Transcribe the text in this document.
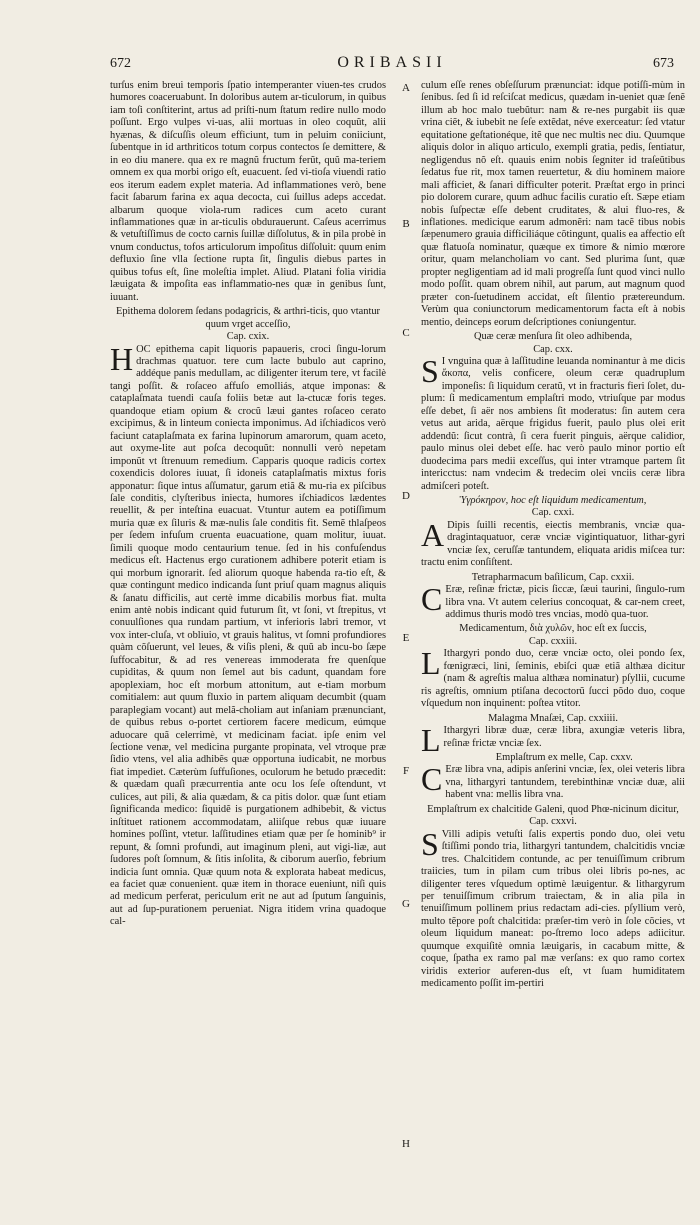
672	ORIBASII	673

turſus enim breui temporis ſpatio intemperanter viuen-tes crudos humores coaceruabunt. In doloribus autem ar-ticulorum, in quibus iam toſi conſtiterint, artus ad priſti-num ſtatum redire nullo modo poſſunt. Ergo vulpes vi-uas, alii mortuas in oleo coquũt, alii hyænas, & diſcuſſis oleum efficiunt, tum in peluim coniiciunt, ſubentque in id arthriticos totum corpus contectos ſe demittere, & in eo diu manere. qua ex re magnũ fructum ferũt, quũ ma-teriem omnem ex qua morbi origo eſt, euacuent. ſed vi-tioſa viuendi ratio eos iterum eadem explet materia. Ad inflammationes verò, bene facit ſabarum farina ex aqua decocta, cui ſuillus adeps accedat. albarum quoque viola-rum radices cum aceto curant inflammationes quæ in ar-ticulis obdurauerunt. Caſeus acerrimus & vetuſtiſſimus de cocto carnis ſuillæ diſſolutus, & in pila probè in vnum conductus, tofos articulorum impoſitus diſſoluit: quum enim defluxio ſine vlla ſectione rupta ſit, ſingulis diebus partes in quibus tofus eſt, ſine moleſtia implet. Aliud. Platani folia viridia læuigata & impoſita eas inflammatio-nes quæ in genibus ſunt, iuuant.

Epithema dolorem ſedans podagricis, & arthri-ticis, quo vtantur quum vrget acceſſio,

Cap. cxix.

HOC epithema capit liquoris papaueris, croci ſingu-lorum drachmas quatuor. tere cum lacte bubulo aut caprino, addéque panis medullam, ac diligenter iterum tere, vt facilè tangi poſſit. & roſaceo affuſo emolliás, atque imponas: & cataplaſmata tuendi cauſa foliis betæ aut la-ctucæ foris teges. quandoque etiam opium & crocũ læui gantes roſaceo cerato excipimus, & in linteum coniecta imponimus. Ad iſchiadicos verò faciunt cataplaſmata ex farina lupinorum amarorum, quam aceto, aut oxyme-lite aut poſca decoquũt: nonnulli verò nepetam imponũt vt ſtrenuum remedium. Capparis quoque radicis cortex coxendicis dolores iuuat, ſi idoneis cataplaſmatis mixtus foris apponatur: ſique intus aſſumatur, garum etiã & mu-ria ex piſcibus ſale conditis, clyſteribus iniecta, humores iſchiadicos lædentes reuellit, & per inteſtina euacuat. Vtuntur autem ea potiſſimum muria quæ ex ſiluris & mæ-nulis ſale conditis fit. Semẽ thlaſpeos per ſedem infuſum cruenta euacuatione, quam molitur, iuuat. ſimili quoque modo centaurium tenue. ſed in his confuſendus medicus eſt. Hactenus ergo curationem adhibere poterit etiam is qui morbum ignorarit. ſed aliorum quoque habenda ra-tio eſt, & quæ contingunt medico indicanda ſunt priuſ quam magnus aliquis & ſanatu difficilis, aut certè imme dicabilis morbus fiat. multa enim antè nobis indicant quid futurum ſit, vt ſoni, vt ſtrepitus, vt conuulſiones qua rundam partium, vt inferioris labri tremor, vt vox inter-cluſa, vt obliuio, vt grauis halitus, vt ſomni profundiores quàm cõſuerunt, vel leues, & viſis pleni, & quũ ab incu-bo ſæpe ſuffocabitur, & ad res venereas immoderata fre quenſque cupiditas, & quum non ſemel aut bis cadunt, quandam fore apoplexiam, hoc eſt morbum attonitum, aut e-tiam morbum comitialem: aut quum fluxio in partem aliquam decumbit (quam paraplegiam vocant) aut melã-choliam aut inſaniam prænunciant, de quibus rebus o-portet certiorem facere medicum, eúmque aduocare quã celerrimè, vt medicinam faciat. ipſe enim vel ſectione venæ, vel medicina purgante propinata, vel vtroque præ ſidio vtens, vel alia adhibẽs quæ opportuna iudicabit, ne morbus fiat impediet. Cæterùm ſuffuſiones, oculorum he betudo præcedit: & quædam quaſi præcurrentia ante ocu los ſeſe oſtendunt, vt culices, aut pili, & alia quædam, & ca pitis dolor. quæ ſunt etiam ſignificanda medico: ſiquidẽ is purgationem adhibebit, & victus inſtituet rationem accommodatam, aliiſque rebus quæ iuuare homines poſſint, vtetur. laſſitudines etiam quæ per ſe hominib⁹ ir repunt, & ſomni profundi, aut imaginum pleni, aut vigi-liæ, aut ſudores poſt ſomnum, & ſitis inſolita, & ciborum auerſio, febrium indicia ſunt omnia. Quæ quum nota & explorata habeat medicus, ea faciet quæ conuenient. quæ item in thorace eueniunt, niſi quis ad medicum perferat, periculum erit ne aut ad ſputum ſanguinis, aut ad ſup-purationem perueniat. Nigra itidem vrina quadoque cal-

A
B
C
D
E
F
G
H

culum eſſe renes obſeſſurum prænunciat: idque potiſſi-mùm in ſenibus. ſed ſi id reſciſcat medicus, quædam in-ueniet quæ ſenẽ illum ab hoc malo tuebũtur: nam & re-nes purgabit iis quæ vrina ciẽt, & iubebit ne ſeſe extẽdat, néve exerceatur: ſed vtatur equitatione geſtationéque, itẽ que nec multis nec diu. Quumque aliquis dolor in aliquo articulo, exempli gratia, pedis, ſentiatur, negligendus nõ eſt. quauis enim nobis ſegniter id traſeũtibus ſedatus fue rit, mox tamen reuertetur, & diu hominem maiore mali afficiet, & ſanari difficulter poterit. Præſtat ergo in princi pio dolorem curare, quum adhuc facilis curatio eſt. Sæpe etiam nobis ſuſpectæ eſſe debent cruditates, & alui fluo-res, & inflationes. medicique earum admonẽri: nam tacẽ tibus nobis ſæpenumero grauia difficiliáque cõtingunt, qualis ea affectio eſt quæ flatuoſa nominatur, quæque ex timore & nimio mœrore oritur, quam melancholiam vo cant. Sed plurima ſunt, quæ propter negligentiam ad id mali progreſſa ſunt quod vinci nullo modo poſſit. quam obrem nihil, aut parum, aut magnum quod præter con-ſuetudinem accidat, eſt ſilentio prætereundum. Verùm qua coniunctorum medicamentorum facta eſt à nobis mentio, deinceps eorum deſcriptiones coniungentur.

Quæ ceræ menſura ſit oleo adhibenda,

Cap. cxx.

S I vnguina quæ à laſſitudine leuanda nominantur à me dicis ἄκοπα, velis conficere, oleum ceræ quadruplum imponeſis: ſi liquidum ceratũ, vt in fracturis fieri ſolet, du-plum: ſi medicamentum emplaſtri modo, vtriuſque par modus eſſe debet, ſi aër nos ambiens ſit moderatus: ſin autem cera vetus aut arida, aërque frigidus fuerit, paulo plus olei erit addendũ: ſicut contrà, ſi cera fuerit pinguis, aërque calidior, paulo minus olei debet eſſe. hac verò paulo minor portio eſt duodecima pars medii exceſſus, qui inter vtramque partem ſit intericctus: nam vndecim & tredecim olei vnciis ceræ libra admiſceri poteſt.

Ὑγρόκηρον, hoc eſt liquidum medicamentum,

Cap. cxxi.

A Dipis ſuilli recentis, eiectis membranis, vnciæ qua-dragintaquatuor, ceræ vnciæ vigintiquatuor, lithar-gyri vnciæ ſex, ceruſſæ tantundem, eliquata aridis miſcea tur: tractu enim conſiſtent.

Tetrapharmacum baſilicum, Cap. cxxii.

C Eræ, reſinæ frictæ, picis ſiccæ, ſæui taurini, ſingulo-rum libra vna. Vt autem celerius concoquat, & car-nem creet, addimus thuris modò tres vncias, modò qua-tuor.

Medicamentum, διὰ χυλῶν, hoc eſt ex ſuccis,

Cap. cxxiii.

L Ithargyri pondo duo, ceræ vnciæ octo, olei pondo ſex, fœnigræci, lini, ſeminis, ebiſci quæ etiã althæa dicitur (nam & agreſtis malua althæa nominatur) pſyllii, cucume ris agreſtis, omnium ptiſana decoctorũ ſucci põdo duo, coque vſquedum non inquinent: poſtea vtitor.

Malagma Mnaſæi, Cap. cxxiiii.

L Ithargyri libræ duæ, ceræ libra, axungiæ veteris libra, reſinæ frictæ vnciæ ſex.

Emplaſtrum ex melle, Cap. cxxv.

C Eræ libra vna, adipis anſerini vnciæ, ſex, olei veteris libra vna, lithargyri tantundem, terebinthinæ vnciæ duæ, alii habent vna: mellis libra vna.

Emplaſtrum ex chalcitide Galeni, quod Phœ-nicinum dicitur,

Cap. cxxvi.

S Villi adipis vetuſti ſalis expertis pondo duo, olei vetu ſtiſſimi pondo tria, lithargyri tantundem, chalcitidis vnciæ tres. Chalcitidem contunde, ac per tenuiſſimum cribrum traiicies, tum in pilam cum tribus olei libris po-nes, ac diligenter teres vſquedum optimè læuigentur. & lithargyrum per tenuiſſimum cribrum traiectam, & in alia pila in tenuiſſimum pollinem prius redactam adi-cies. pſyllium verò, multo tẽpore poſt chalcitida: præſer-tim verò in ſole cõcies, vt oleum liquidum maneat: po-ſtremo loco adeps adiicitur. quumque exquiſitè omnia læuigaris, in cacabum mitte, & coque, ſpatha ex ramo pal mæ verſans: ex quo ramo cortex viridis exterior auferen-dus eſt, vt ſuam humiditatem medicamento poſſit im-pertiri
